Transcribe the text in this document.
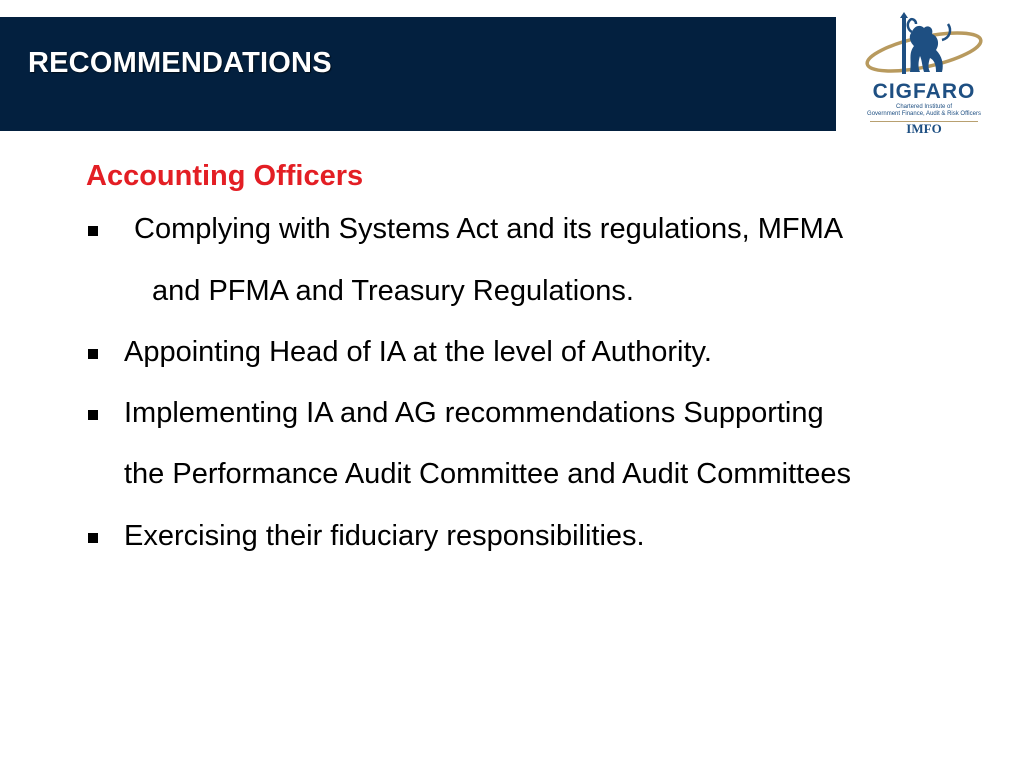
RECOMMENDATIONS
CIGFARO
Chartered Institute of
Government Finance, Audit & Risk Officers
IMFO
Accounting Officers
Complying with Systems Act and its regulations, MFMA
and PFMA and Treasury Regulations.
Appointing Head of IA at the level of Authority.
Implementing IA and AG recommendations Supporting
the Performance Audit Committee and Audit Committees
Exercising their fiduciary responsibilities.
